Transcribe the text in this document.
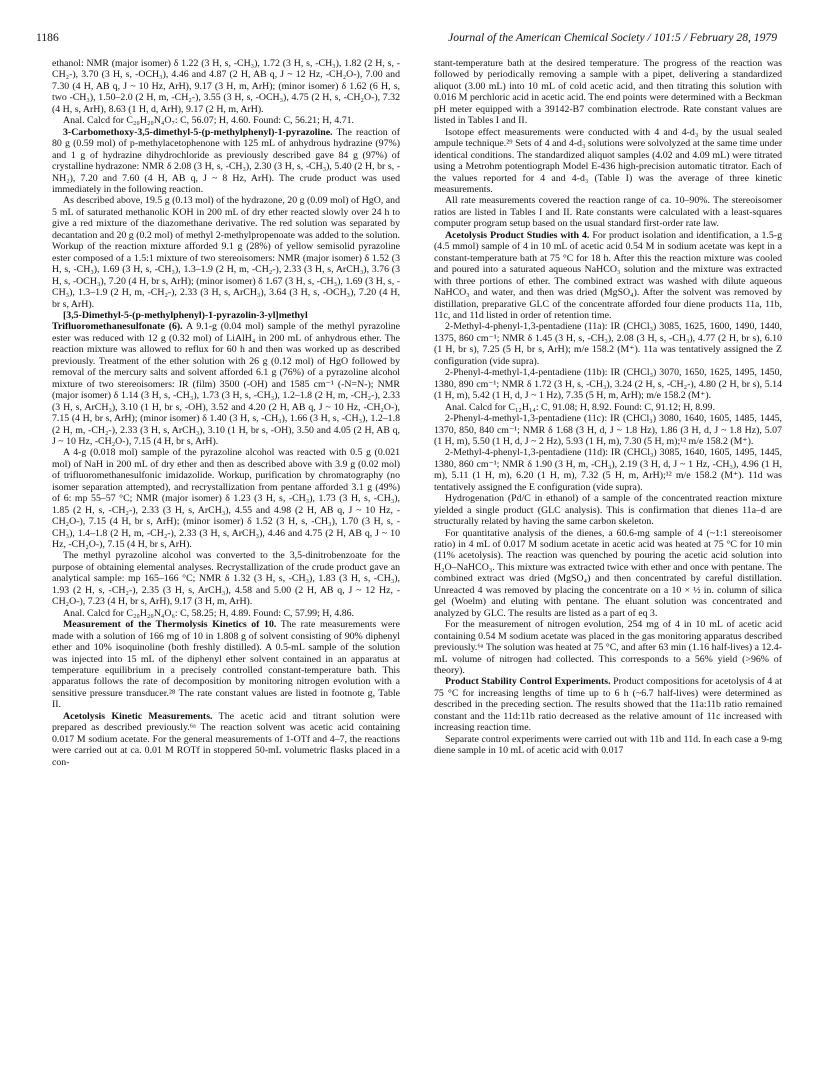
1186	Journal of the American Chemical Society / 101:5 / February 28, 1979

ethanol: NMR (major isomer) δ 1.22 (3 H, s, -CH₃), 1.72 (3 H, s, -CH₃), 1.82 (2 H, s, -CH₂-), 3.70 (3 H, s, -OCH₃), 4.46 and 4.87 (2 H, AB q, J ~ 12 Hz, -CH₂O-), 7.00 and 7.30 (4 H, AB q, J ~ 10 Hz, ArH), 9.17 (3 H, m, ArH); (minor isomer) δ 1.62 (6 H, s, two -CH₃), 1.50–2.0 (2 H, m, -CH₂-), 3.55 (3 H, s, -OCH₃), 4.75 (2 H, s, -CH₂O-), 7.32 (4 H, s, ArH), 8.63 (1 H, d, ArH), 9.17 (2 H, m, ArH).

Anal. Calcd for C₂₀H₂₀N₄O₇: C, 56.07; H, 4.60. Found: C, 56.21; H, 4.71.

3-Carbomethoxy-3,5-dimethyl-5-(p-methylphenyl)-1-pyrazoline. The reaction of 80 g (0.59 mol) of p-methylacetophenone with 125 mL of anhydrous hydrazine (97%) and 1 g of hydrazine dihydrochloride as previously described gave 84 g (97%) of crystalline hydrazone: NMR δ 2.08 (3 H, s, -CH₃), 2.30 (3 H, s, -CH₃), 5.40 (2 H, br s, -NH₂), 7.20 and 7.60 (4 H, AB q, J ~ 8 Hz, ArH). The crude product was used immediately in the following reaction.

As described above, 19.5 g (0.13 mol) of the hydrazone, 20 g (0.09 mol) of HgO, and 5 mL of saturated methanolic KOH in 200 mL of dry ether reacted slowly over 24 h to give a red mixture of the diazomethane derivative. The red solution was separated by decantation and 20 g (0.2 mol) of methyl 2-methylpropenoate was added to the solution. Workup of the reaction mixture afforded 9.1 g (28%) of yellow semisolid pyrazoline ester composed of a 1.5:1 mixture of two stereoisomers: NMR (major isomer) δ 1.52 (3 H, s, -CH₃), 1.69 (3 H, s, -CH₃), 1.3–1.9 (2 H, m, -CH₂-), 2.33 (3 H, s, ArCH₃), 3.76 (3 H, s, -OCH₃), 7.20 (4 H, br s, ArH); (minor isomer) δ 1.67 (3 H, s, -CH₃), 1.69 (3 H, s, -CH₃), 1.3–1.9 (2 H, m, -CH₂-), 2.33 (3 H, s, ArCH₃), 3.64 (3 H, s, -OCH₃), 7.20 (4 H, br s, ArH).

[3,5-Dimethyl-5-(p-methylphenyl)-1-pyrazolin-3-yl]methyl Trifluoromethanesulfonate (6). A 9.1-g (0.04 mol) sample of the methyl pyrazoline ester was reduced with 12 g (0.32 mol) of LiAlH₄ in 200 mL of anhydrous ether. The reaction mixture was allowed to reflux for 60 h and then was worked up as described previously. Treatment of the ether solution with 26 g (0.12 mol) of HgO followed by removal of the mercury salts and solvent afforded 6.1 g (76%) of a pyrazoline alcohol mixture of two stereoisomers: IR (film) 3500 (-OH) and 1585 cm⁻¹ (-N=N-); NMR (major isomer) δ 1.14 (3 H, s, -CH₃), 1.73 (3 H, s, -CH₃), 1.2–1.8 (2 H, m, -CH₂-), 2.33 (3 H, s, ArCH₃), 3.10 (1 H, br s, -OH), 3.52 and 4.20 (2 H, AB q, J ~ 10 Hz, -CH₂O-), 7.15 (4 H, br s, ArH); (minor isomer) δ 1.40 (3 H, s, -CH₃), 1.66 (3 H, s, -CH₃), 1.2–1.8 (2 H, m, -CH₂-), 2.33 (3 H, s, ArCH₃), 3.10 (1 H, br s, -OH), 3.50 and 4.05 (2 H, AB q, J ~ 10 Hz, -CH₂O-), 7.15 (4 H, br s, ArH).

A 4-g (0.018 mol) sample of the pyrazoline alcohol was reacted with 0.5 g (0.021 mol) of NaH in 200 mL of dry ether and then as described above with 3.9 g (0.02 mol) of trifluoromethanesulfonic imidazolide. Workup, purification by chromatography (no isomer separation attempted), and recrystallization from pentane afforded 3.1 g (49%) of 6: mp 55–57 °C; NMR (major isomer) δ 1.23 (3 H, s, -CH₃), 1.73 (3 H, s, -CH₃), 1.85 (2 H, s, -CH₂-), 2.33 (3 H, s, ArCH₃), 4.55 and 4.98 (2 H, AB q, J ~ 10 Hz, -CH₂O-), 7.15 (4 H, br s, ArH); (minor isomer) δ 1.52 (3 H, s, -CH₃), 1.70 (3 H, s, -CH₃), 1.4–1.8 (2 H, m, -CH₂-), 2.33 (3 H, s, ArCH₃), 4.46 and 4.75 (2 H, AB q, J ~ 10 Hz, -CH₂O-), 7.15 (4 H, br s, ArH).

The methyl pyrazoline alcohol was converted to the 3,5-dinitrobenzoate for the purpose of obtaining elemental analyses. Recrystallization of the crude product gave an analytical sample: mp 165–166 °C; NMR δ 1.32 (3 H, s, -CH₃), 1.83 (3 H, s, -CH₃), 1.93 (2 H, s, -CH₂-), 2.35 (3 H, s, ArCH₃), 4.58 and 5.00 (2 H, AB q, J ~ 12 Hz, -CH₂O-), 7.23 (4 H, br s, ArH), 9.17 (3 H, m, ArH).

Anal. Calcd for C₂₀H₂₀N₄O₆: C, 58.25; H, 4.89. Found: C, 57.99; H, 4.86.

Measurement of the Thermolysis Kinetics of 10. The rate measurements were made with a solution of 166 mg of 10 in 1.808 g of solvent consisting of 90% diphenyl ether and 10% isoquinoline (both freshly distilled). A 0.5-mL sample of the solution was injected into 15 mL of the diphenyl ether solvent contained in an apparatus at temperature equilibrium in a precisely controlled constant-temperature bath. This apparatus follows the rate of decomposition by monitoring nitrogen evolution with a sensitive pressure transducer.²⁸ The rate constant values are listed in footnote g, Table II.

Acetolysis Kinetic Measurements. The acetic acid and titrant solution were prepared as described previously.⁶ᵃ The reaction solvent was acetic acid containing 0.017 M sodium acetate. For the general measurements of 1-OTf and 4–7, the reactions were carried out at ca. 0.01 M ROTf in stoppered 50-mL volumetric flasks placed in a con-

stant-temperature bath at the desired temperature. The progress of the reaction was followed by periodically removing a sample with a pipet, delivering a standardized aliquot (3.00 mL) into 10 mL of cold acetic acid, and then titrating this solution with 0.016 M perchloric acid in acetic acid. The end points were determined with a Beckman pH meter equipped with a 39142-B7 combination electrode. Rate constant values are listed in Tables I and II.

Isotope effect measurements were conducted with 4 and 4-d₃ by the usual sealed ampule technique.²⁹ Sets of 4 and 4-d₃ solutions were solvolyzed at the same time under identical conditions. The standardized aliquot samples (4.02 and 4.09 mL) were titrated using a Metrohm potentiograph Model E-436 high-precision automatic titrator. Each of the values reported for 4 and 4-d₃ (Table I) was the average of three kinetic measurements.

All rate measurements covered the reaction range of ca. 10–90%. The stereoisomer ratios are listed in Tables I and II. Rate constants were calculated with a least-squares computer program setup based on the usual standard first-order rate law.

Acetolysis Product Studies with 4. For product isolation and identification, a 1.5-g (4.5 mmol) sample of 4 in 10 mL of acetic acid 0.54 M in sodium acetate was kept in a constant-temperature bath at 75 °C for 18 h. After this the reaction mixture was cooled and poured into a saturated aqueous NaHCO₃ solution and the mixture was extracted with three portions of ether. The combined extract was washed with dilute aqueous NaHCO₃ and water, and then was dried (MgSO₄). After the solvent was removed by distillation, preparative GLC of the concentrate afforded four diene products 11a, 11b, 11c, and 11d listed in order of retention time.

2-Methyl-4-phenyl-1,3-pentadiene (11a): IR (CHCl₃) 3085, 1625, 1600, 1490, 1440, 1375, 860 cm⁻¹; NMR δ 1.45 (3 H, s, -CH₃), 2.08 (3 H, s, -CH₃), 4.77 (2 H, br s), 6.10 (1 H, br s), 7.25 (5 H, br s, ArH); m/e 158.2 (M⁺). 11a was tentatively assigned the Z configuration (vide supra).

2-Phenyl-4-methyl-1,4-pentadiene (11b): IR (CHCl₃) 3070, 1650, 1625, 1495, 1450, 1380, 890 cm⁻¹; NMR δ 1.72 (3 H, s, -CH₃), 3.24 (2 H, s, -CH₂-), 4.80 (2 H, br s), 5.14 (1 H, m), 5.42 (1 H, d, J ~ 1 Hz), 7.35 (5 H, m, ArH); m/e 158.2 (M⁺).

Anal. Calcd for C₁₂H₁₄: C, 91.08; H, 8.92. Found: C, 91.12; H, 8.99.

2-Phenyl-4-methyl-1,3-pentadiene (11c): IR (CHCl₃) 3080, 1640, 1605, 1485, 1445, 1370, 850, 840 cm⁻¹; NMR δ 1.68 (3 H, d, J ~ 1.8 Hz), 1.86 (3 H, d, J ~ 1.8 Hz), 5.07 (1 H, m), 5.50 (1 H, d, J ~ 2 Hz), 5.93 (1 H, m), 7.30 (5 H, m);¹² m/e 158.2 (M⁺).

2-Methyl-4-phenyl-1,3-pentadiene (11d): IR (CHCl₃) 3085, 1640, 1605, 1495, 1445, 1380, 860 cm⁻¹; NMR δ 1.90 (3 H, m, -CH₃), 2.19 (3 H, d, J ~ 1 Hz, -CH₃), 4.96 (1 H, m), 5.11 (1 H, m), 6.20 (1 H, m), 7.32 (5 H, m, ArH);¹² m/e 158.2 (M⁺). 11d was tentatively assigned the E configuration (vide supra).

Hydrogenation (Pd/C in ethanol) of a sample of the concentrated reaction mixture yielded a single product (GLC analysis). This is confirmation that dienes 11a–d are structurally related by having the same carbon skeleton.

For quantitative analysis of the dienes, a 60.6-mg sample of 4 (~1:1 stereoisomer ratio) in 4 mL of 0.017 M sodium acetate in acetic acid was heated at 75 °C for 10 min (11% acetolysis). The reaction was quenched by pouring the acetic acid solution into H₂O–NaHCO₃. This mixture was extracted twice with ether and once with pentane. The combined extract was dried (MgSO₄) and then concentrated by careful distillation. Unreacted 4 was removed by placing the concentrate on a 10 × ½ in. column of silica gel (Woelm) and eluting with pentane. The eluant solution was concentrated and analyzed by GLC. The results are listed as a part of eq 3.

For the measurement of nitrogen evolution, 254 mg of 4 in 10 mL of acetic acid containing 0.54 M sodium acetate was placed in the gas monitoring apparatus described previously.⁶ᵃ The solution was heated at 75 °C, and after 63 min (1.16 half-lives) a 12.4-mL volume of nitrogen had collected. This corresponds to a 56% yield (>96% of theory).

Product Stability Control Experiments. Product compositions for acetolysis of 4 at 75 °C for increasing lengths of time up to 6 h (~6.7 half-lives) were determined as described in the preceding section. The results showed that the 11a:11b ratio remained constant and the 11d:11b ratio decreased as the relative amount of 11c increased with increasing reaction time.

Separate control experiments were carried out with 11b and 11d. In each case a 9-mg diene sample in 10 mL of acetic acid with 0.017
